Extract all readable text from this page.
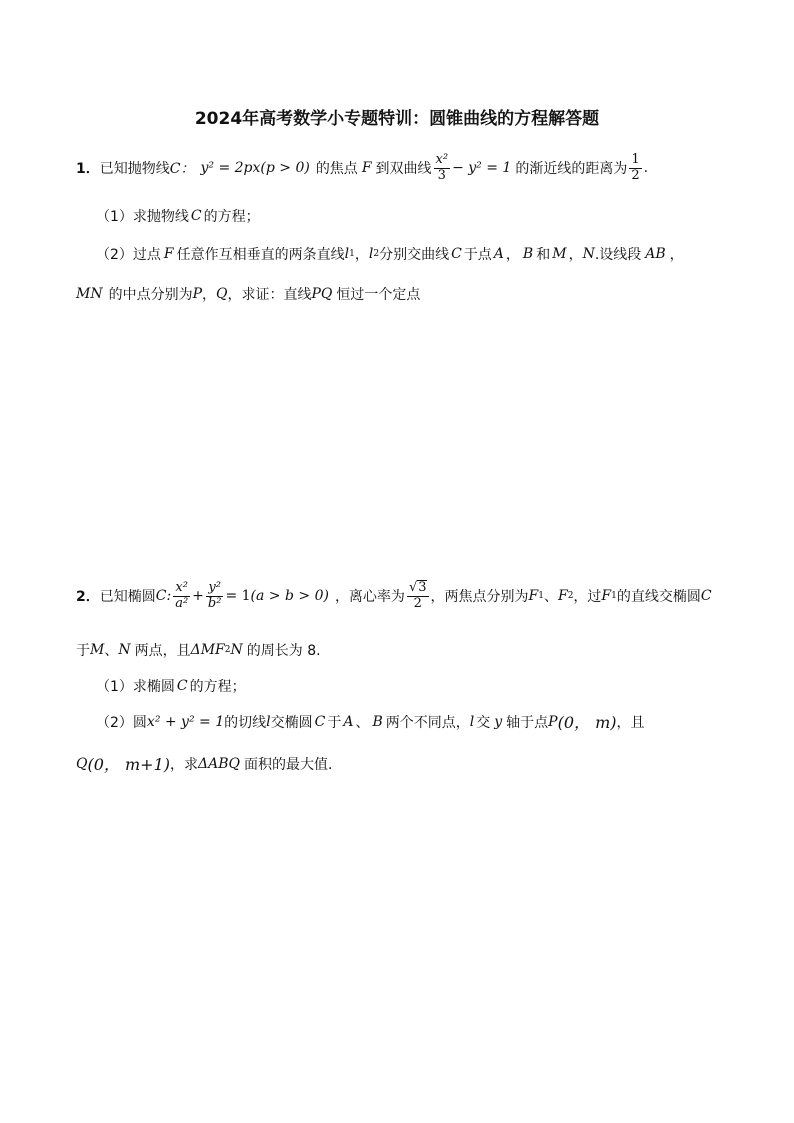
2024年高考数学小专题特训：圆锥曲线的方程解答题
1． 已知抛物线 C： y² = 2px(p > 0) 的焦点 F 到双曲线 $\frac{\text{x²}}{3} - y^2 = 1$ 的渐近线的距离为 $\frac{1}{2}$ .
（1）求抛物线 C 的方程；
（2）过点 F 任意作互相垂直的两条直线 l 1 ， l 2 分别交曲线 C 于点 A ， B 和 M ， N .设线段 AB ，
MN 的中点分别为 P ， Q ，求证：直线 PQ 恒过一个定点
2． 已知椭圆 C: $\frac{\text{x²}}{\text{a²}} + \frac{\text{y²}}{\text{b²}} = 1$ (a > b > 0) ，离心率为 $\frac{√3}{2}$ ，两焦点分别为 F 1 、 F 2 ，过 F 1 的直线交椭圆 C
于 M 、 N 两点，且 ΔMF 2 N 的周长为 8.
（1）求椭圆 C 的方程；
（2）圆 x² + y² = 1 的切线 l 交椭圆 C 于 A 、 B 两个不同点， l 交 y 轴于点 P (0， m) ，且
Q (0， m+1) ，求 ΔABQ 面积的最大值．
